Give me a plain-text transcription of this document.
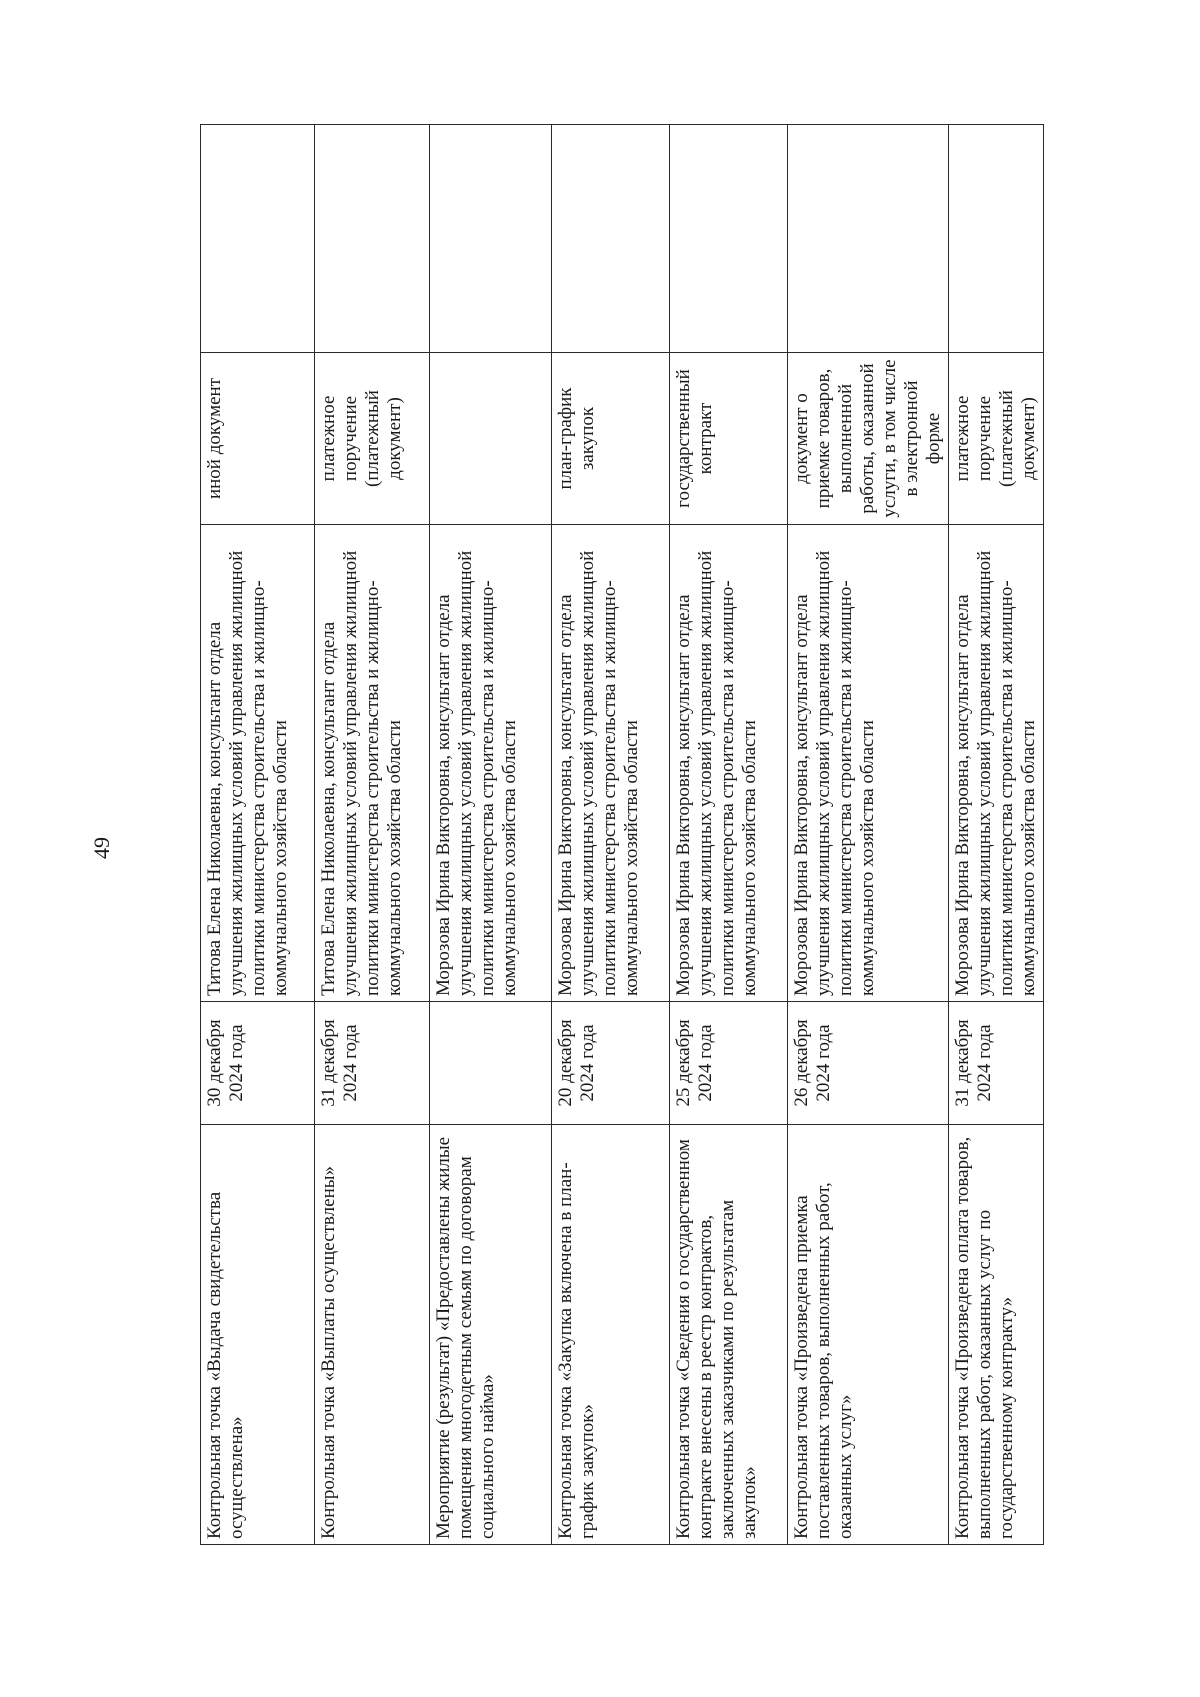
49
Контрольная точка «Выдача свидетельства осуществлена»	30 декабря 2024 года	Титова Елена Николаевна, консультант отдела улучшения жилищных условий управления жилищной политики министерства строительства и жилищно-коммунального хозяйства области	иной документ	
Контрольная точка «Выплаты осуществлены»	31 декабря 2024 года	Титова Елена Николаевна, консультант отдела улучшения жилищных условий управления жилищной политики министерства строительства и жилищно-коммунального хозяйства области	платежное поручение (платежный документ)	
Мероприятие (результат) «Предоставлены жилые помещения многодетным семьям по договорам социального найма»		Морозова Ирина Викторовна, консультант отдела улучшения жилищных условий управления жилищной политики министерства строительства и жилищно-коммунального хозяйства области		
Контрольная точка «Закупка включена в план-график закупок»	20 декабря 2024 года	Морозова Ирина Викторовна, консультант отдела улучшения жилищных условий управления жилищной политики министерства строительства и жилищно-коммунального хозяйства области	план-график закупок	
Контрольная точка «Сведения о государственном контракте внесены в реестр контрактов, заключенных заказчиками по результатам закупок»	25 декабря 2024 года	Морозова Ирина Викторовна, консультант отдела улучшения жилищных условий управления жилищной политики министерства строительства и жилищно-коммунального хозяйства области	государственный контракт	
Контрольная точка «Произведена приемка поставленных товаров, выполненных работ, оказанных услуг»	26 декабря 2024 года	Морозова Ирина Викторовна, консультант отдела улучшения жилищных условий управления жилищной политики министерства строительства и жилищно-коммунального хозяйства области	документ о приемке товаров, выполненной работы, оказанной услуги, в том числе в электронной форме	
Контрольная точка «Произведена оплата товаров, выполненных работ, оказанных услуг по государственному контракту»	31 декабря 2024 года	Морозова Ирина Викторовна, консультант отдела улучшения жилищных условий управления жилищной политики министерства строительства и жилищно-коммунального хозяйства области	платежное поручение (платежный документ)	
